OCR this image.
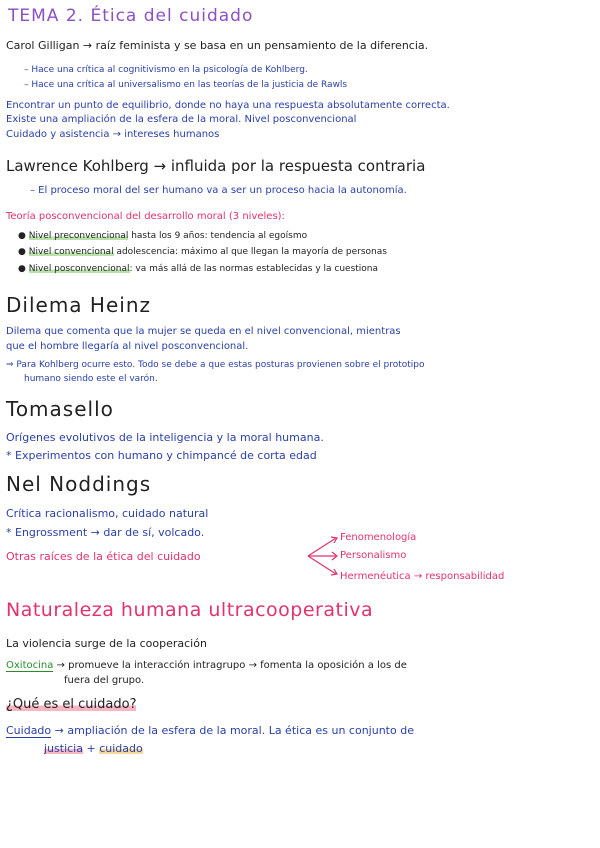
TEMA 2. Ética del cuidado
Carol Gilligan → raíz feminista y se basa en un pensamiento de la diferencia.
– Hace una crítica al cognitivismo en la psicología de Kohlberg.
– Hace una crítica al universalismo en las teorías de la justicia de Rawls
Encontrar un punto de equilibrio, donde no haya una respuesta absolutamente correcta.
Existe una ampliación de la esfera de la moral. Nivel posconvencional
Cuidado y asistencia → intereses humanos
Lawrence Kohlberg → influida por la respuesta contraria
– El proceso moral del ser humano va a ser un proceso hacia la autonomía.
Teoría posconvencional del desarrollo moral (3 niveles):
● Nivel preconvencional hasta los 9 años: tendencia al egoísmo
● Nivel convencional adolescencia: máximo al que llegan la mayoría de personas
● Nivel posconvencional: va más allá de las normas establecidas y la cuestiona
Dilema Heinz
Dilema que comenta que la mujer se queda en el nivel convencional, mientras
que el hombre llegaría al nivel posconvencional.
⇒ Para Kohlberg ocurre esto. Todo se debe a que estas posturas provienen sobre el prototipo
humano siendo este el varón.
Tomasello
Orígenes evolutivos de la inteligencia y la moral humana.
* Experimentos con humano y chimpancé de corta edad
Nel Noddings
Crítica racionalismo, cuidado natural
* Engrossment → dar de sí, volcado.
Otras raíces de la ética del cuidado
Fenomenología
Personalismo
Hermenéutica → responsabilidad
Naturaleza humana ultracooperativa
La violencia surge de la cooperación
Oxitocina → promueve la interacción intragrupo → fomenta la oposición a los de
fuera del grupo.
¿Qué es el cuidado?
Cuidado → ampliación de la esfera de la moral. La ética es un conjunto de
justicia + cuidado
